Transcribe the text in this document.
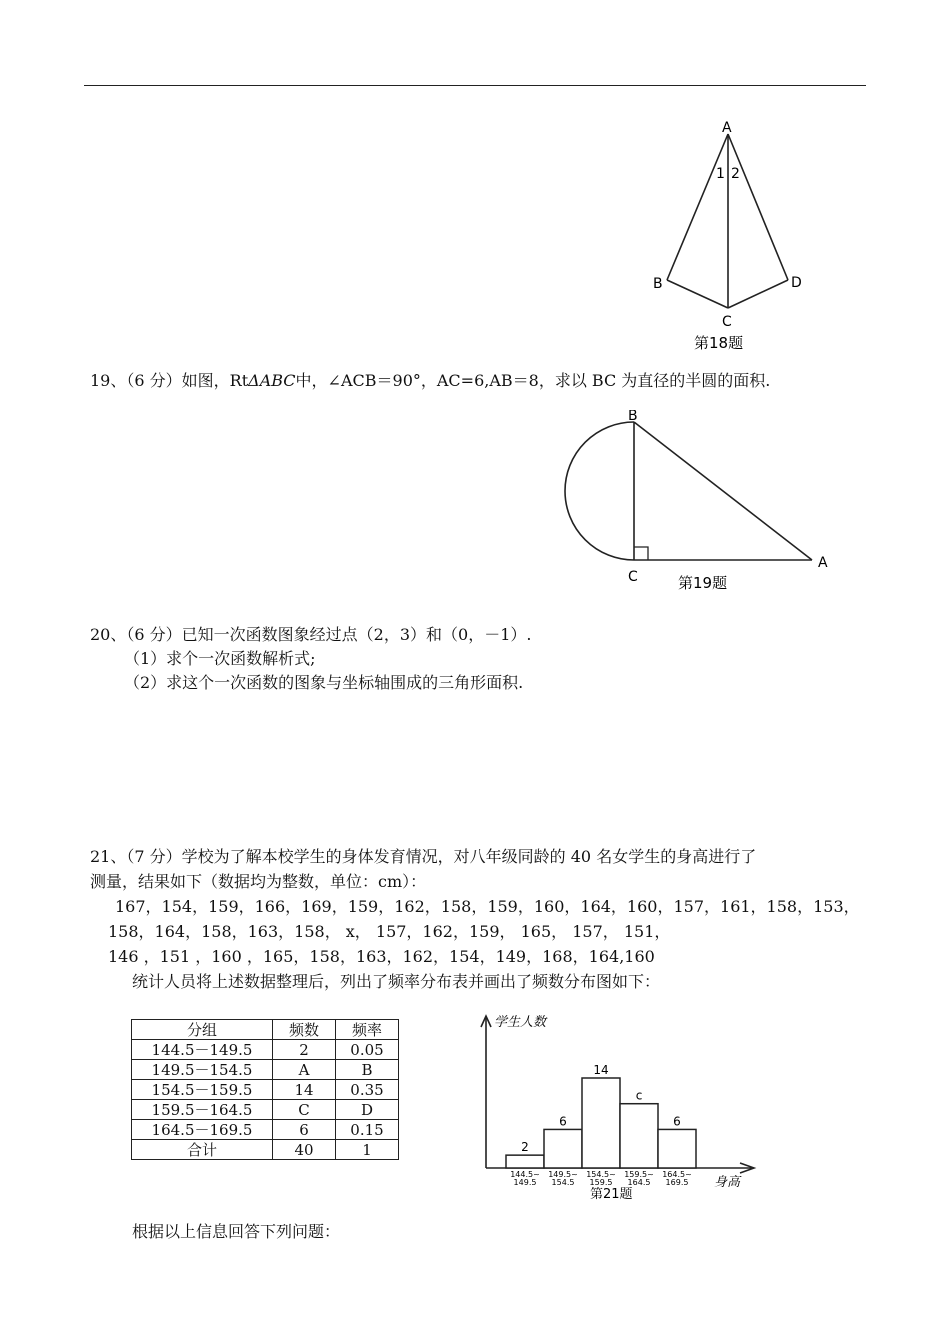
A
1 2
B	D
C
第18题
19、（6 分）如图，RtΔABC中，∠ACB＝90°，AC=6,AB＝8，求以 BC 为直径的半圆的面积.
B
C
A
第19题
20、（6 分）已知一次函数图象经过点（2，3）和（0，－1）.
（1）求个一次函数解析式;
（2）求这个一次函数的图象与坐标轴围成的三角形面积.
21、（7 分）学校为了解本校学生的身体发育情况，对八年级同龄的 40 名女学生的身高进行了
测量，结果如下（数据均为整数，单位：cm）：
167，154，159，166，169，159，162，158，159，160，164，160，157，161，158，153，
158，164，158，163，158， x， 157，162，159， 165， 157， 151，
146 ，151 ，160 ，165，158，163，162，154，149，168，164,160
统计人员将上述数据整理后，列出了频率分布表并画出了频数分布图如下：
分组	频数	频率
144.5－149.5	2	0.05
149.5－154.5	A	B
154.5－159.5	14	0.35
159.5－164.5	C	D
164.5－169.5	6	0.15
合计	40	1
学生人数
身高
2
144.5~
149.5
6
149.5~
154.5
14
154.5~
159.5
c
159.5~
164.5
6
164.5~
169.5
第21题
根据以上信息回答下列问题：
